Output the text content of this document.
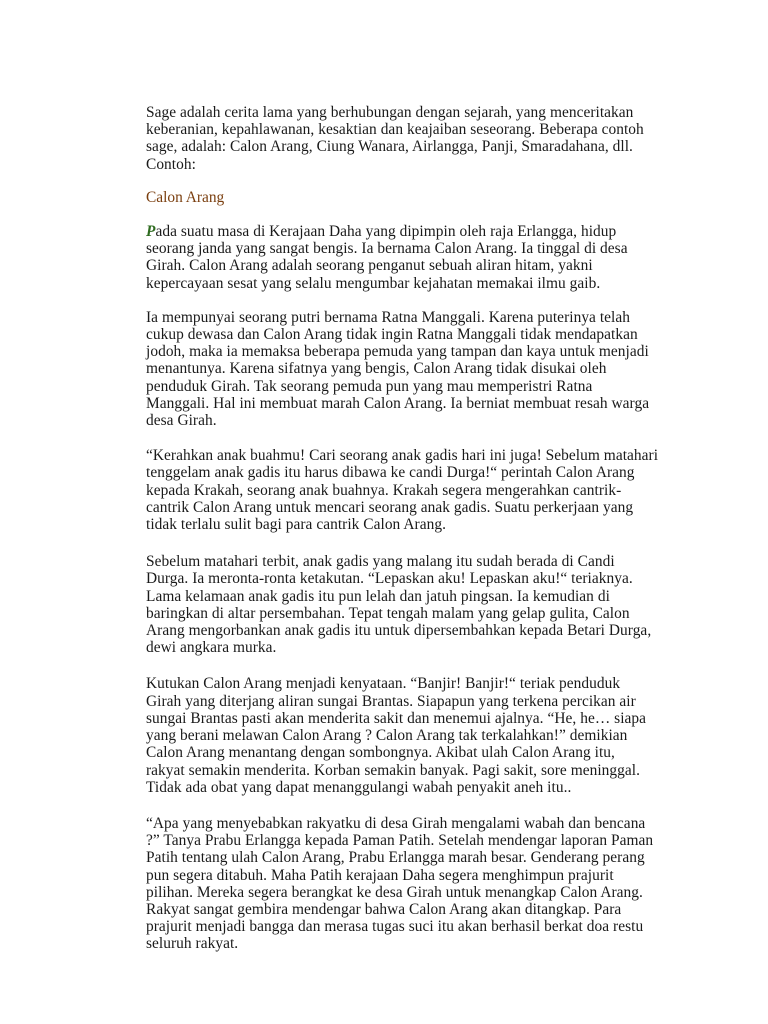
Sage adalah cerita lama yang berhubungan dengan sejarah, yang menceritakan
keberanian, kepahlawanan, kesaktian dan keajaiban seseorang. Beberapa contoh
sage, adalah: Calon Arang, Ciung Wanara, Airlangga, Panji, Smaradahana, dll.
Contoh:

Calon Arang

Pada suatu masa di Kerajaan Daha yang dipimpin oleh raja Erlangga, hidup
seorang janda yang sangat bengis. Ia bernama Calon Arang. Ia tinggal di desa
Girah. Calon Arang adalah seorang penganut sebuah aliran hitam, yakni
kepercayaan sesat yang selalu mengumbar kejahatan memakai ilmu gaib.

Ia mempunyai seorang putri bernama Ratna Manggali. Karena puterinya telah
cukup dewasa dan Calon Arang tidak ingin Ratna Manggali tidak mendapatkan
jodoh, maka ia memaksa beberapa pemuda yang tampan dan kaya untuk menjadi
menantunya. Karena sifatnya yang bengis, Calon Arang tidak disukai oleh
penduduk Girah. Tak seorang pemuda pun yang mau memperistri Ratna
Manggali. Hal ini membuat marah Calon Arang. Ia berniat membuat resah warga
desa Girah.

“Kerahkan anak buahmu! Cari seorang anak gadis hari ini juga! Sebelum matahari
tenggelam anak gadis itu harus dibawa ke candi Durga!“ perintah Calon Arang
kepada Krakah, seorang anak buahnya. Krakah segera mengerahkan cantrik-
cantrik Calon Arang untuk mencari seorang anak gadis. Suatu perkerjaan yang
tidak terlalu sulit bagi para cantrik Calon Arang.

Sebelum matahari terbit, anak gadis yang malang itu sudah berada di Candi
Durga. Ia meronta-ronta ketakutan. “Lepaskan aku! Lepaskan aku!“ teriaknya.
Lama kelamaan anak gadis itu pun lelah dan jatuh pingsan. Ia kemudian di
baringkan di altar persembahan. Tepat tengah malam yang gelap gulita, Calon
Arang mengorbankan anak gadis itu untuk dipersembahkan kepada Betari Durga,
dewi angkara murka.

Kutukan Calon Arang menjadi kenyataan. “Banjir! Banjir!“ teriak penduduk
Girah yang diterjang aliran sungai Brantas. Siapapun yang terkena percikan air
sungai Brantas pasti akan menderita sakit dan menemui ajalnya. “He, he… siapa
yang berani melawan Calon Arang ? Calon Arang tak terkalahkan!” demikian
Calon Arang menantang dengan sombongnya. Akibat ulah Calon Arang itu,
rakyat semakin menderita. Korban semakin banyak. Pagi sakit, sore meninggal.
Tidak ada obat yang dapat menanggulangi wabah penyakit aneh itu..

“Apa yang menyebabkan rakyatku di desa Girah mengalami wabah dan bencana
?” Tanya Prabu Erlangga kepada Paman Patih. Setelah mendengar laporan Paman
Patih tentang ulah Calon Arang, Prabu Erlangga marah besar. Genderang perang
pun segera ditabuh. Maha Patih kerajaan Daha segera menghimpun prajurit
pilihan. Mereka segera berangkat ke desa Girah untuk menangkap Calon Arang.
Rakyat sangat gembira mendengar bahwa Calon Arang akan ditangkap. Para
prajurit menjadi bangga dan merasa tugas suci itu akan berhasil berkat doa restu
seluruh rakyat.
